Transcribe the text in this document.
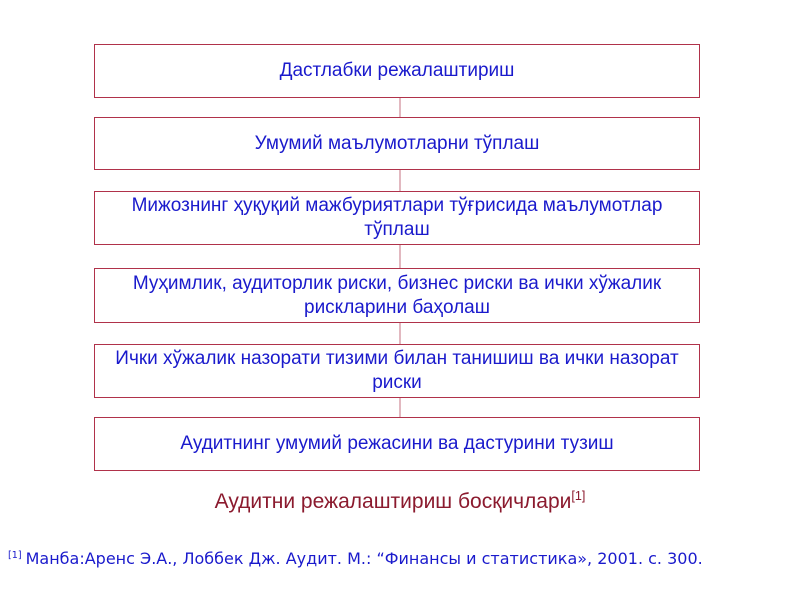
Дастлабки режалаштириш
Умумий маълумотларни тўплаш
Мижознинг ҳуқуқий мажбуриятлари тўғрисида маълумотлар тўплаш
Муҳимлик, аудиторлик риски, бизнес риски ва ички хўжалик рискларини баҳолаш
Ички хўжалик назорати тизими билан танишиш ва ички назорат риски
Аудитнинг умумий режасини ва дастурини тузиш
Аудитни режалаштириш босқичлари[1]
[1] Манба:Аренс Э.А., Лоббек Дж. Аудит. М.: “Финансы и статистика», 2001. с. 300.
